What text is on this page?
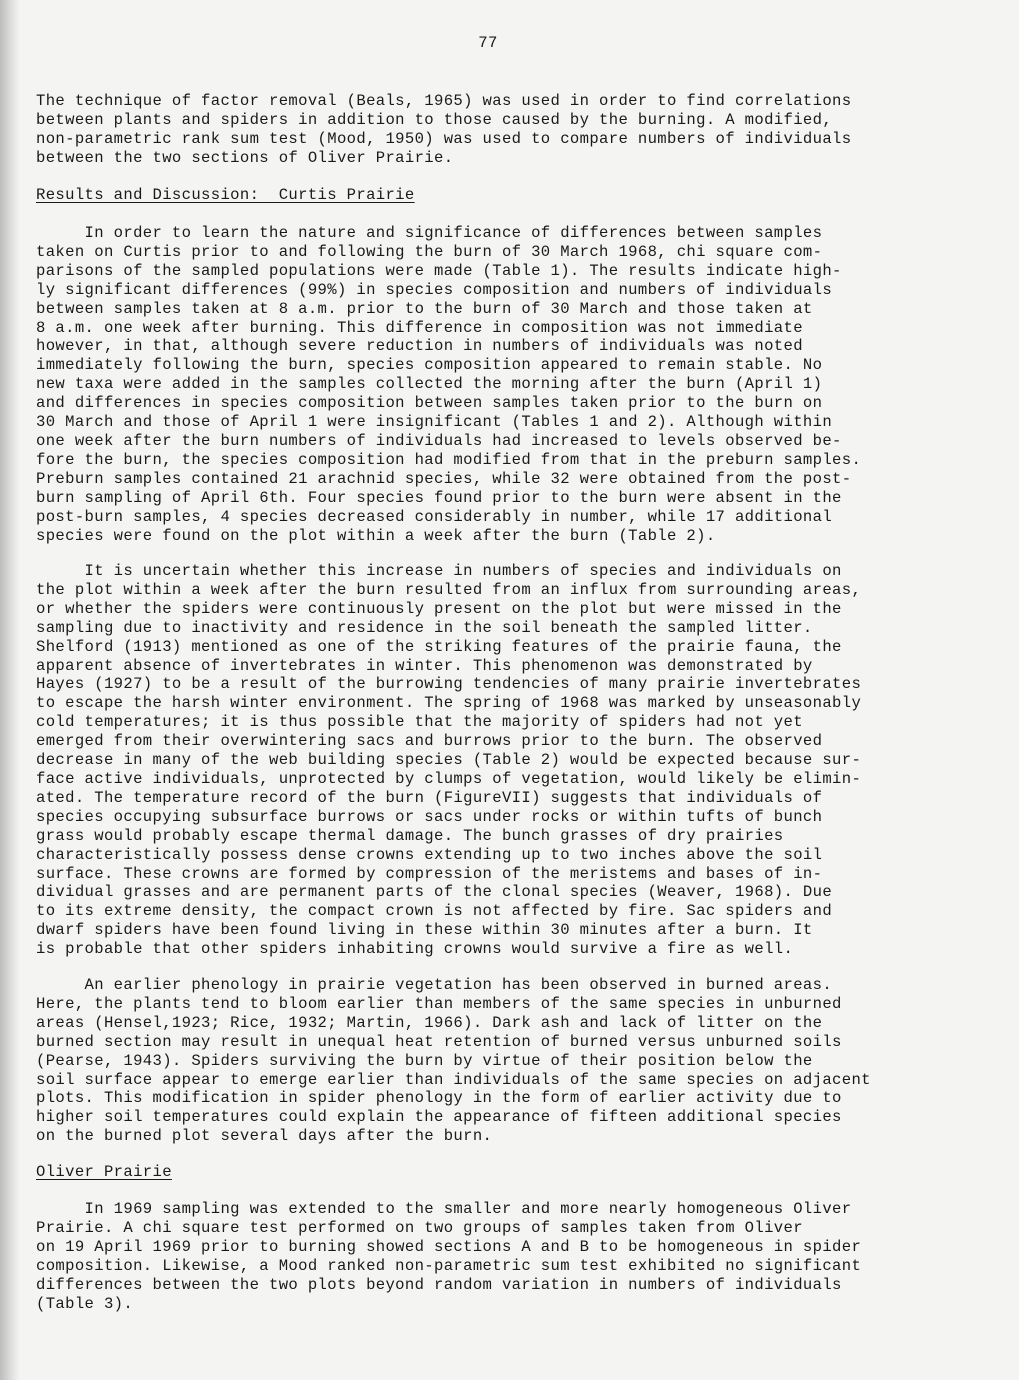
77

The technique of factor removal (Beals, 1965) was used in order to find correlations
between plants and spiders in addition to those caused by the burning. A modified,
non-parametric rank sum test (Mood, 1950) was used to compare numbers of individuals
between the two sections of Oliver Prairie.

Results and Discussion:  Curtis Prairie

In order to learn the nature and significance of differences between samples
taken on Curtis prior to and following the burn of 30 March 1968, chi square com-
parisons of the sampled populations were made (Table 1). The results indicate high-
ly significant differences (99%) in species composition and numbers of individuals
between samples taken at 8 a.m. prior to the burn of 30 March and those taken at
8 a.m. one week after burning. This difference in composition was not immediate
however, in that, although severe reduction in numbers of individuals was noted
immediately following the burn, species composition appeared to remain stable. No
new taxa were added in the samples collected the morning after the burn (April 1)
and differences in species composition between samples taken prior to the burn on
30 March and those of April 1 were insignificant (Tables 1 and 2). Although within
one week after the burn numbers of individuals had increased to levels observed be-
fore the burn, the species composition had modified from that in the preburn samples.
Preburn samples contained 21 arachnid species, while 32 were obtained from the post-
burn sampling of April 6th. Four species found prior to the burn were absent in the
post-burn samples, 4 species decreased considerably in number, while 17 additional
species were found on the plot within a week after the burn (Table 2).

It is uncertain whether this increase in numbers of species and individuals on
the plot within a week after the burn resulted from an influx from surrounding areas,
or whether the spiders were continuously present on the plot but were missed in the
sampling due to inactivity and residence in the soil beneath the sampled litter.
Shelford (1913) mentioned as one of the striking features of the prairie fauna, the
apparent absence of invertebrates in winter. This phenomenon was demonstrated by
Hayes (1927) to be a result of the burrowing tendencies of many prairie invertebrates
to escape the harsh winter environment. The spring of 1968 was marked by unseasonably
cold temperatures; it is thus possible that the majority of spiders had not yet
emerged from their overwintering sacs and burrows prior to the burn. The observed
decrease in many of the web building species (Table 2) would be expected because sur-
face active individuals, unprotected by clumps of vegetation, would likely be elimin-
ated. The temperature record of the burn (FigureVII) suggests that individuals of
species occupying subsurface burrows or sacs under rocks or within tufts of bunch
grass would probably escape thermal damage. The bunch grasses of dry prairies
characteristically possess dense crowns extending up to two inches above the soil
surface. These crowns are formed by compression of the meristems and bases of in-
dividual grasses and are permanent parts of the clonal species (Weaver, 1968). Due
to its extreme density, the compact crown is not affected by fire. Sac spiders and
dwarf spiders have been found living in these within 30 minutes after a burn. It
is probable that other spiders inhabiting crowns would survive a fire as well.

An earlier phenology in prairie vegetation has been observed in burned areas.
Here, the plants tend to bloom earlier than members of the same species in unburned
areas (Hensel,1923; Rice, 1932; Martin, 1966). Dark ash and lack of litter on the
burned section may result in unequal heat retention of burned versus unburned soils
(Pearse, 1943). Spiders surviving the burn by virtue of their position below the
soil surface appear to emerge earlier than individuals of the same species on adjacent
plots. This modification in spider phenology in the form of earlier activity due to
higher soil temperatures could explain the appearance of fifteen additional species
on the burned plot several days after the burn.

Oliver Prairie

In 1969 sampling was extended to the smaller and more nearly homogeneous Oliver
Prairie. A chi square test performed on two groups of samples taken from Oliver
on 19 April 1969 prior to burning showed sections A and B to be homogeneous in spider
composition. Likewise, a Mood ranked non-parametric sum test exhibited no significant
differences between the two plots beyond random variation in numbers of individuals
(Table 3).
